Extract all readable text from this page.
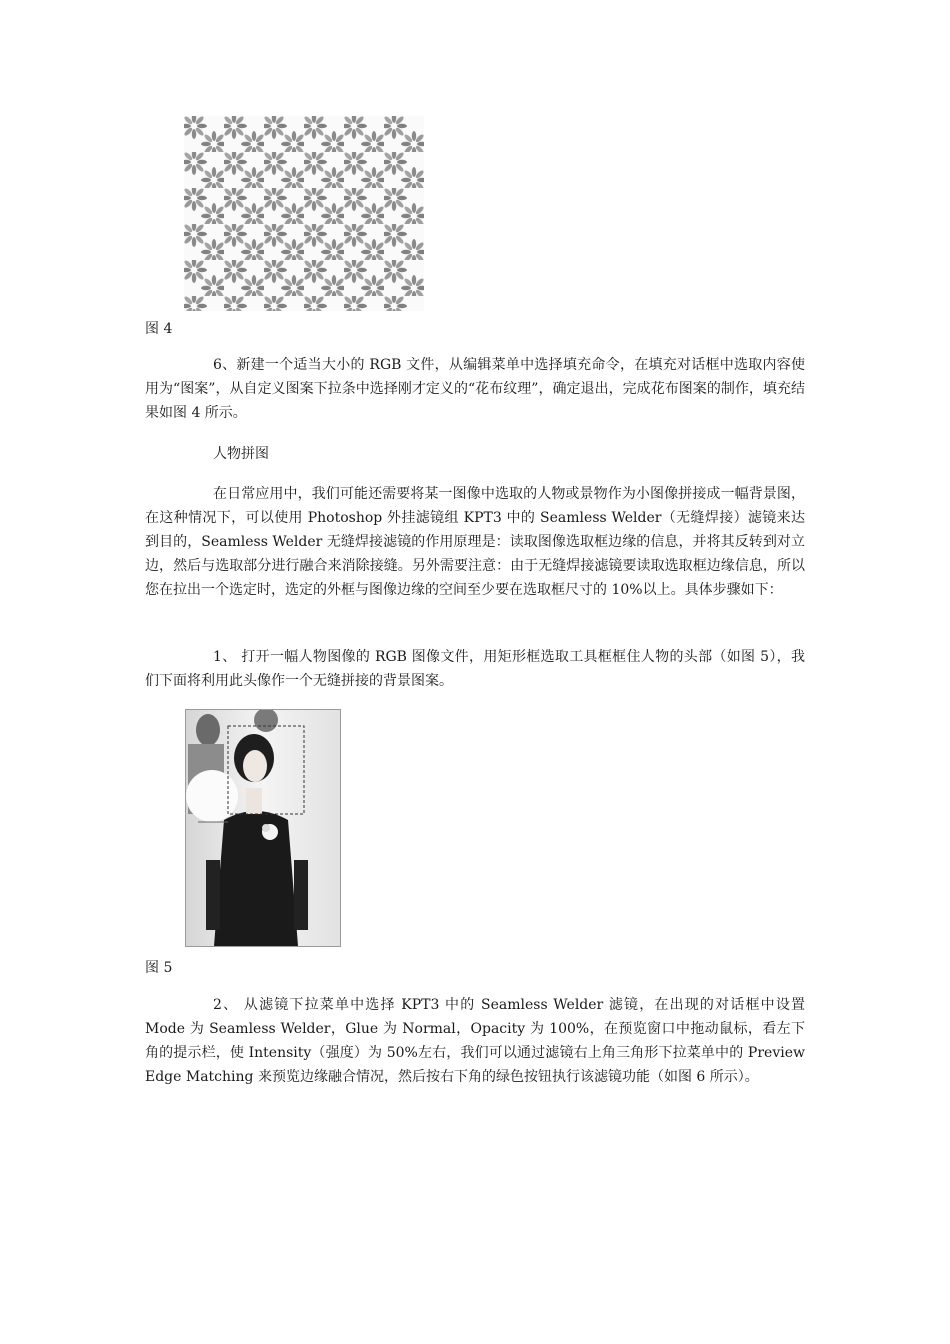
图 4
6、新建一个适当大小的 RGB 文件，从编辑菜单中选择填充命令，在填充对话框中选取内容使用为“图案”，从自定义图案下拉条中选择刚才定义的“花布纹理”，确定退出，完成花布图案的制作，填充结果如图 4 所示。
人物拼图
在日常应用中，我们可能还需要将某一图像中选取的人物或景物作为小图像拼接成一幅背景图，在这种情况下，可以使用 Photoshop 外挂滤镜组 KPT3 中的 Seamless Welder（无缝焊接）滤镜来达到目的，Seamless Welder 无缝焊接滤镜的作用原理是：读取图像选取框边缘的信息，并将其反转到对立边，然后与选取部分进行融合来消除接缝。另外需要注意：由于无缝焊接滤镜要读取选取框边缘信息，所以您在拉出一个选定时，选定的外框与图像边缘的空间至少要在选取框尺寸的 10%以上。具体步骤如下：
1、 打开一幅人物图像的 RGB 图像文件，用矩形框选取工具框框住人物的头部（如图 5），我们下面将利用此头像作一个无缝拼接的背景图案。
图 5
2、 从滤镜下拉菜单中选择 KPT3 中的 Seamless Welder 滤镜，在出现的对话框中设置 Mode 为 Seamless Welder，Glue 为 Normal，Opacity 为 100%，在预览窗口中拖动鼠标，看左下角的提示栏，使 Intensity（强度）为 50%左右，我们可以通过滤镜右上角三角形下拉菜单中的 Preview Edge Matching 来预览边缘融合情况，然后按右下角的绿色按钮执行该滤镜功能（如图 6 所示）。
